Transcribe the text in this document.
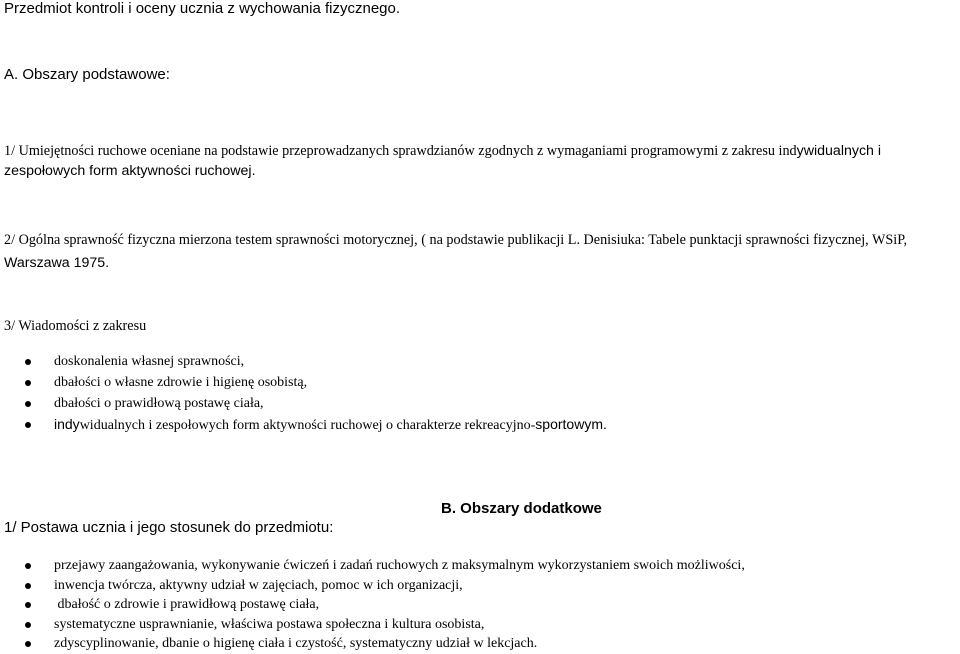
Przedmiot kontroli i oceny ucznia z wychowania fizycznego.
A. Obszary podstawowe:
1/ Umiejętności ruchowe oceniane na podstawie przeprowadzanych sprawdzianów zgodnych z wymaganiami programowymi z zakresu indywidualnych i zespołowych form aktywności ruchowej.
2/ Ogólna sprawność fizyczna mierzona testem sprawności motorycznej, ( na podstawie publikacji L. Denisiuka: Tabele punktacji sprawności fizycznej, WSiP, Warszawa 1975.
3/ Wiadomości z zakresu
doskonalenia własnej sprawności,
dbałości o własne zdrowie i higienę osobistą,
dbałości o prawidłową postawę ciała,
indywidualnych i zespołowych form aktywności ruchowej o charakterze rekreacyjno-sportowym.
B. Obszary dodatkowe
1/ Postawa ucznia i jego stosunek do przedmiotu:
przejawy zaangażowania, wykonywanie ćwiczeń i zadań ruchowych z maksymalnym wykorzystaniem swoich możliwości,
inwencja twórcza, aktywny udział w zajęciach, pomoc w ich organizacji,
dbałość o zdrowie i prawidłową postawę ciała,
systematyczne usprawnianie, właściwa postawa społeczna i kultura osobista,
zdyscyplinowanie, dbanie o higienę ciała i czystość, systematyczny udział w lekcjach.
